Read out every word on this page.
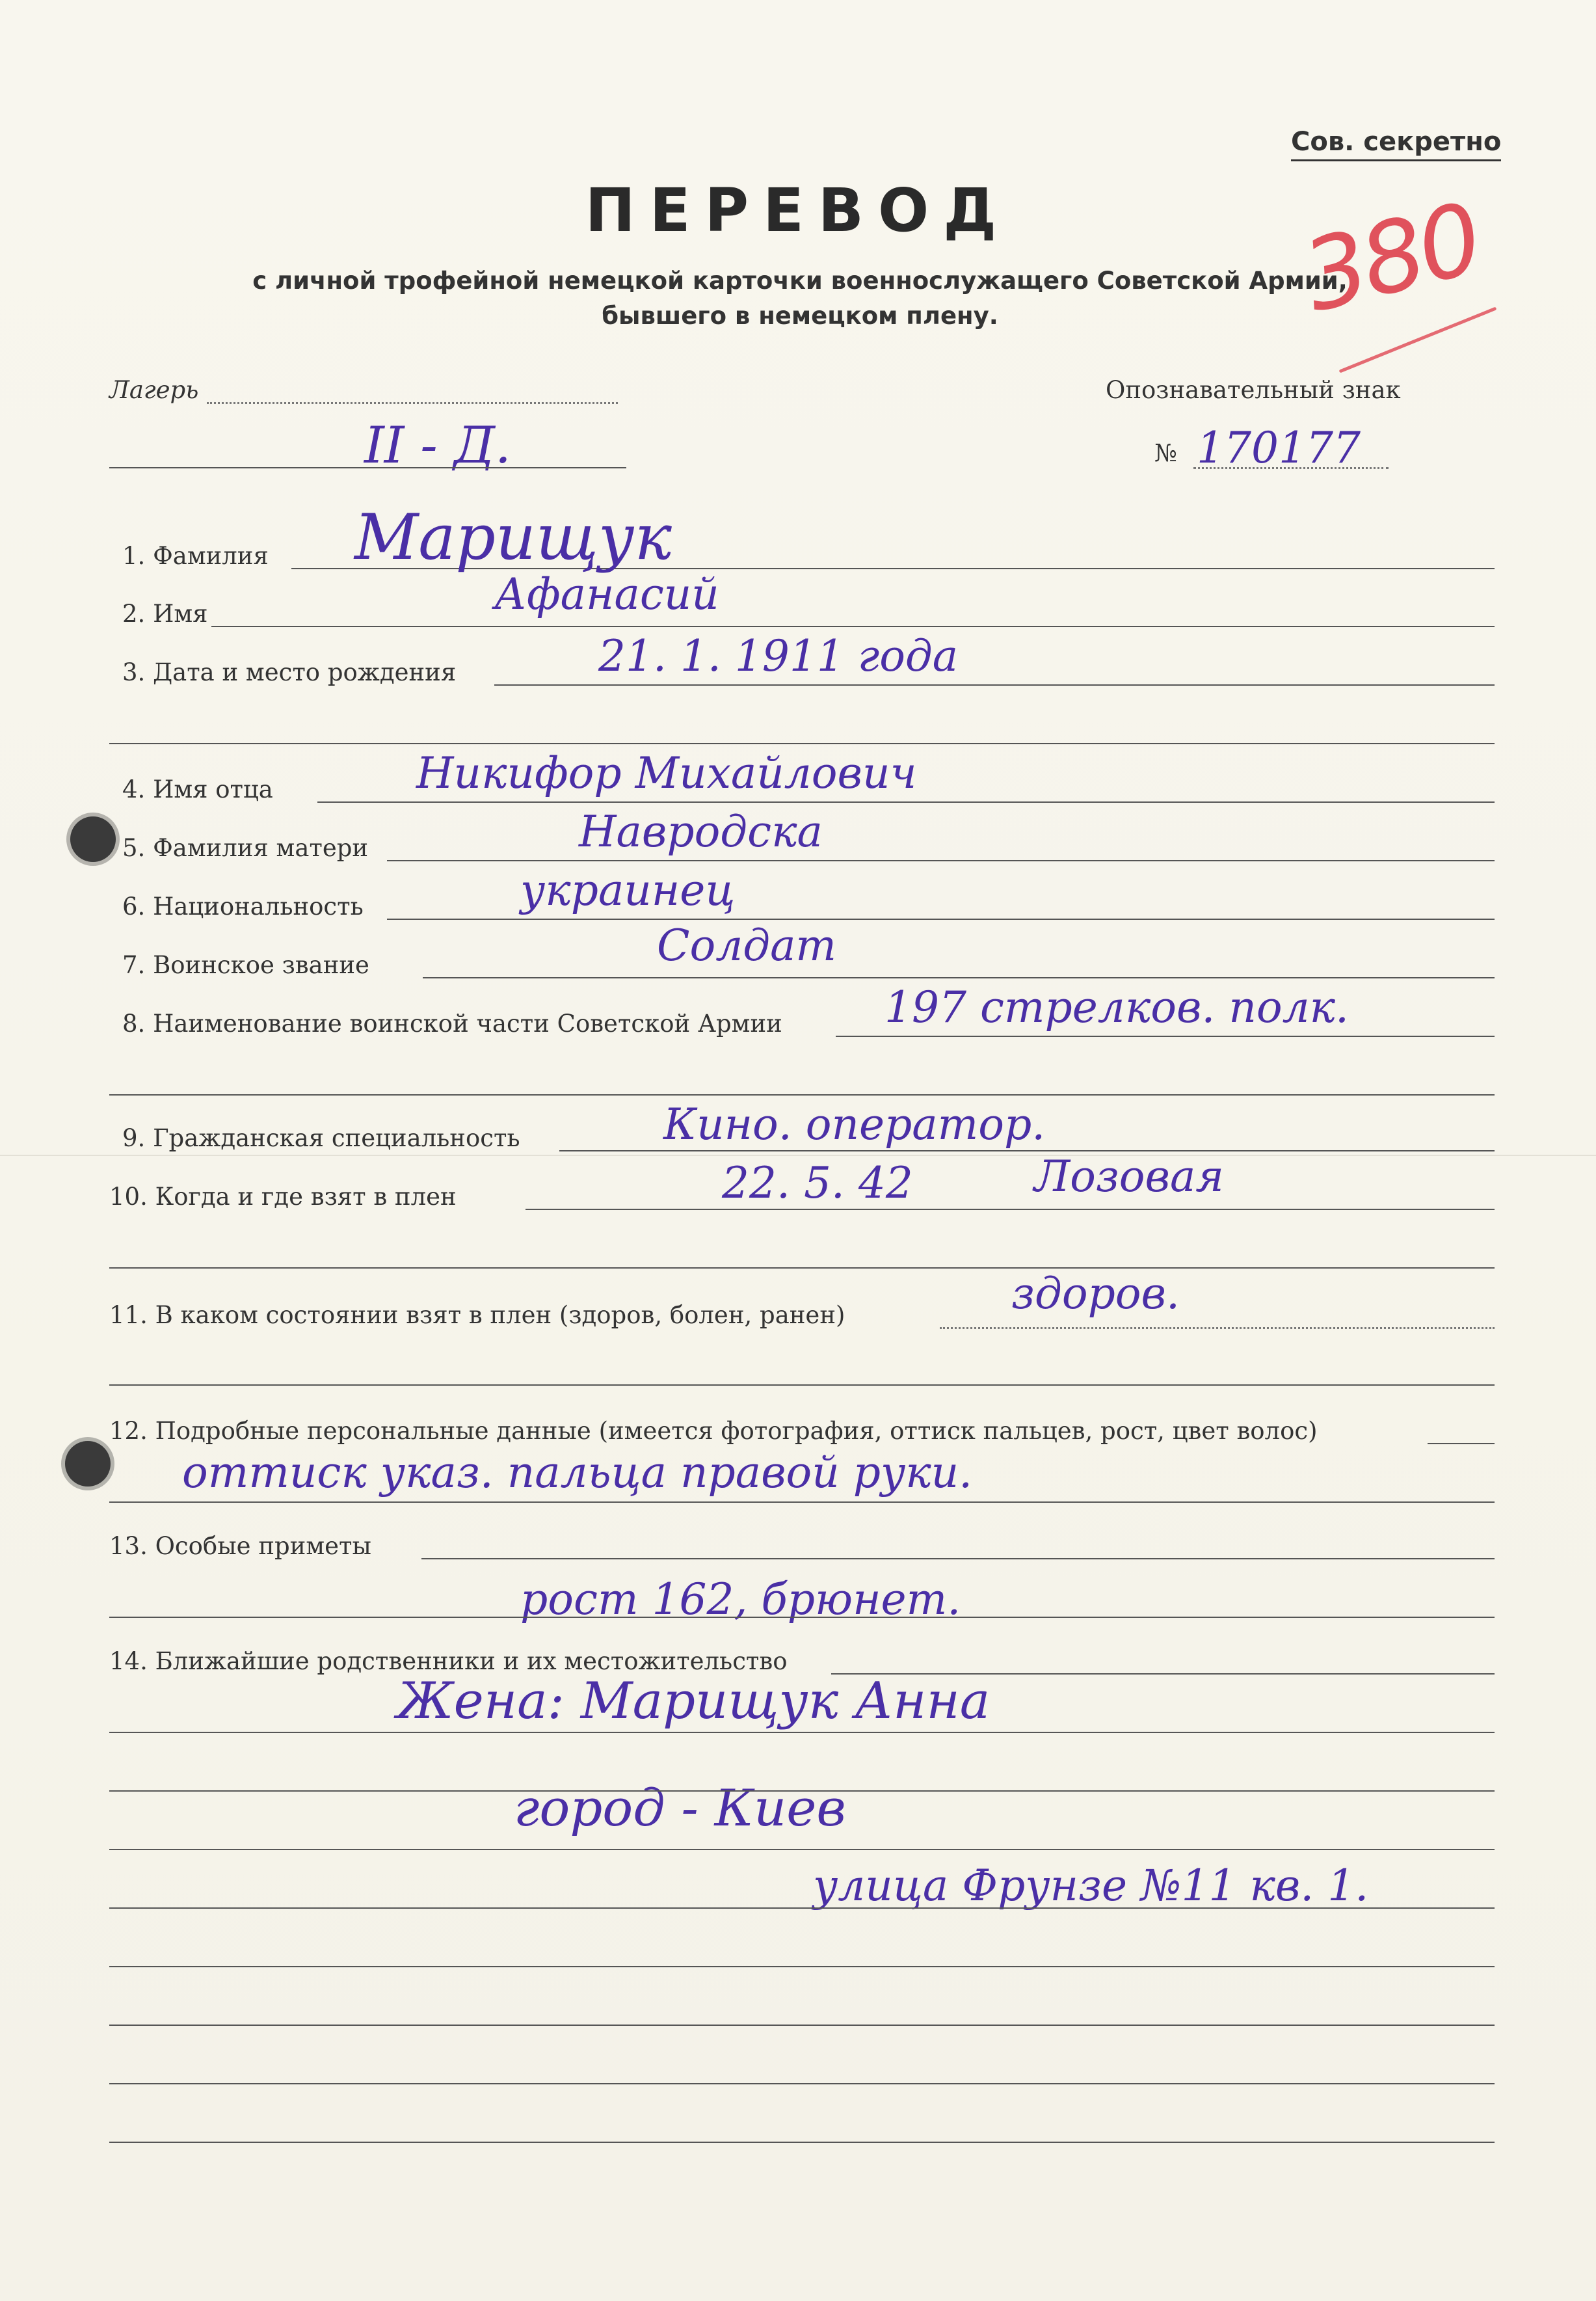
Сов. секретно
ПЕРЕВОД
с личной трофейной немецкой карточки военнослужащего Советской Армии,
бывшего в немецком плену.	380
Лагерь
II - Д.
Опознавательный знак
№ 170177
1. Фамилия Марищук
2. Имя	Афанасий
3. Дата и место рождения	21. 1. 1911 года
4. Имя отца	Никифор Михайлович
5. Фамилия матери	Навродска
6. Национальность	украинец
7. Воинское звание	Солдат
8. Наименование воинской части Советской Армии 197 стрелков. полк.
9. Гражданская специальность	Кино. оператор.
10. Когда и где взят в плен	22. 5. 42	Лозовая
11. В каком состоянии взят в плен (здоров, болен, ранен)	здоров.
12. Подробные персональные данные (имеется фотография, оттиск пальцев, рост, цвет волос)
оттиск указ. пальца правой руки.
13. Особые приметы
рост 162, брюнет.
14. Ближайшие родственники и их местожительство
Жена: Марищук Анна
город - Киев
улица Фрунзе №11 кв. 1.
